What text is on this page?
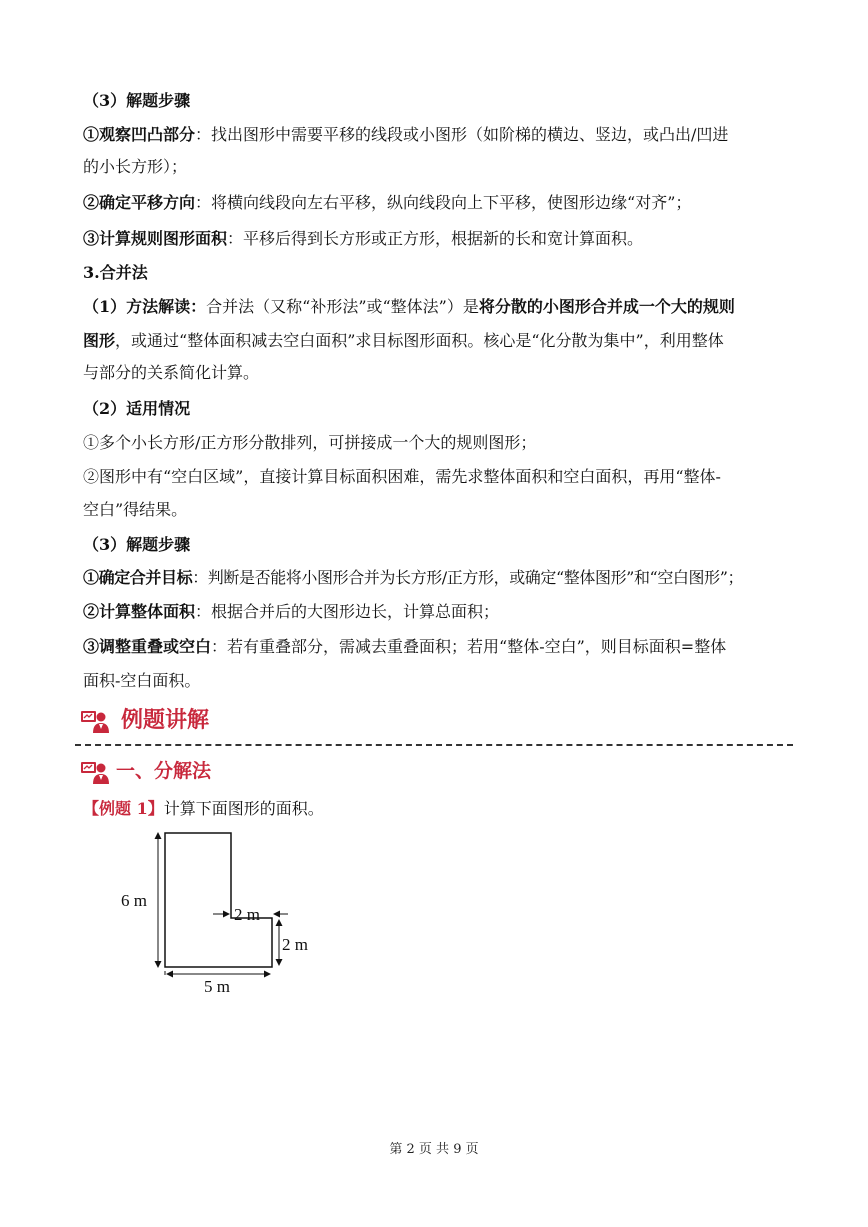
（3）解题步骤
①观察凹凸部分：找出图形中需要平移的线段或小图形（如阶梯的横边、竖边，或凸出/凹进
的小长方形）；
②确定平移方向：将横向线段向左右平移，纵向线段向上下平移，使图形边缘“对齐”；
③计算规则图形面积：平移后得到长方形或正方形，根据新的长和宽计算面积。
3.合并法
（1）方法解读：合并法（又称“补形法”或“整体法”）是将分散的小图形合并成一个大的规则
图形，或通过“整体面积减去空白面积”求目标图形面积。核心是“化分散为集中”，利用整体
与部分的关系简化计算。
（2）适用情况
①多个小长方形/正方形分散排列，可拼接成一个大的规则图形；
②图形中有“空白区域”，直接计算目标面积困难，需先求整体面积和空白面积，再用“整体-
空白”得结果。
（3）解题步骤
①确定合并目标：判断是否能将小图形合并为长方形/正方形，或确定“整体图形”和“空白图形”；
②计算整体面积：根据合并后的大图形边长，计算总面积；
③调整重叠或空白：若有重叠部分，需减去重叠面积；若用“整体-空白”，则目标面积=整体
面积-空白面积。
例题讲解
一、分解法
【例题 1】计算下面图形的面积。
6 m
2 m
2 m
5 m
第 2 页 共 9 页
